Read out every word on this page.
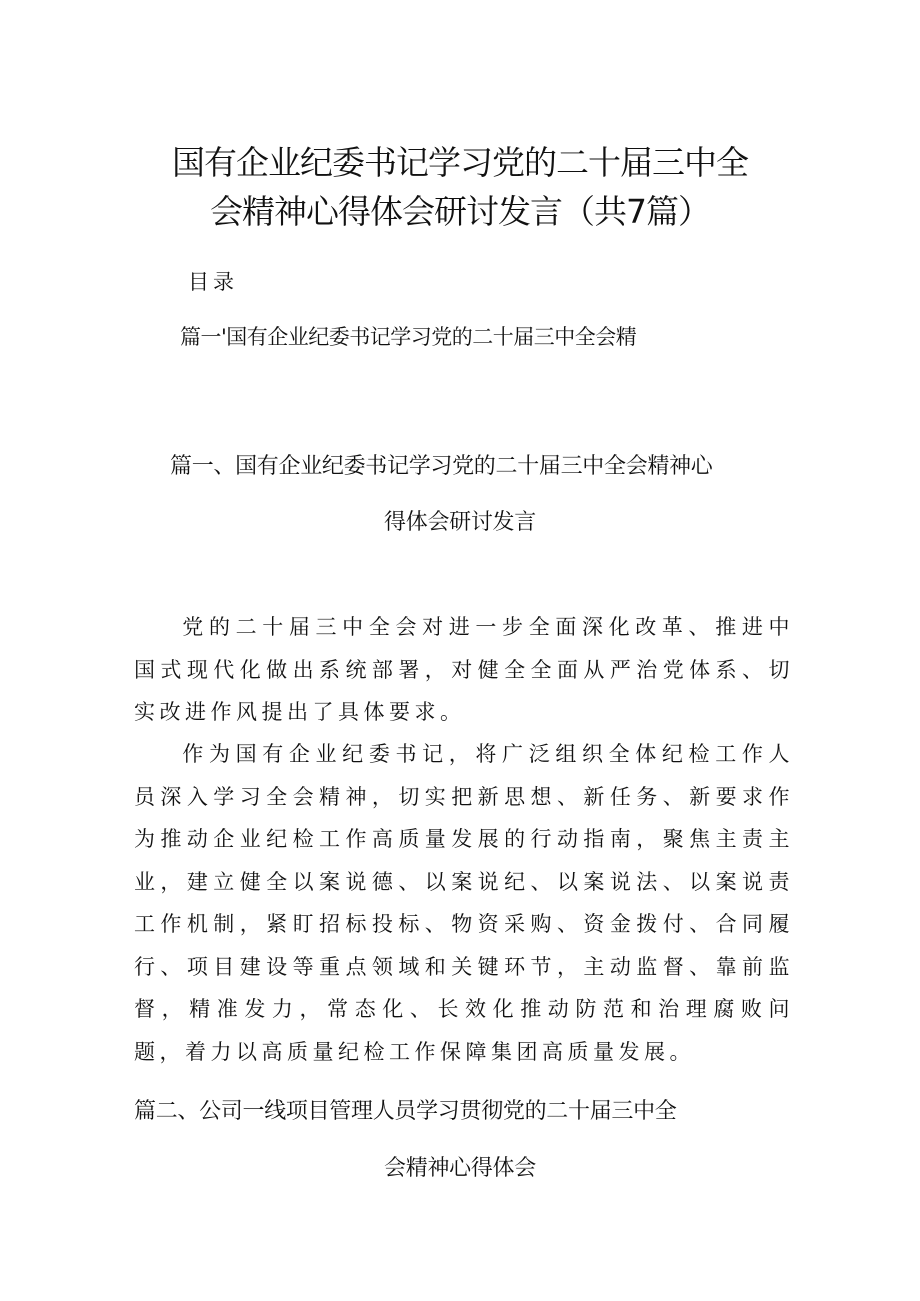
国有企业纪委书记学习党的二十届三中全
会精神心得体会研讨发言（共7篇）
目录
篇一'国有企业纪委书记学习党的二十届三中全会精
篇一、国有企业纪委书记学习党的二十届三中全会精神心
得体会研讨发言

党的二十届三中全会对进一步全面深化改革、推进中国式现代化做出系统部署，对健全全面从严治党体系、切实改进作风提出了具体要求。

作为国有企业纪委书记，将广泛组织全体纪检工作人员深入学习全会精神，切实把新思想、新任务、新要求作为推动企业纪检工作高质量发展的行动指南，聚焦主责主业，建立健全以案说德、以案说纪、以案说法、以案说责工作机制，紧盯招标投标、物资采购、资金拨付、合同履行、项目建设等重点领域和关键环节，主动监督、靠前监督，精准发力，常态化、长效化推动防范和治理腐败问题，着力以高质量纪检工作保障集团高质量发展。

篇二、公司一线项目管理人员学习贯彻党的二十届三中全
会精神心得体会
